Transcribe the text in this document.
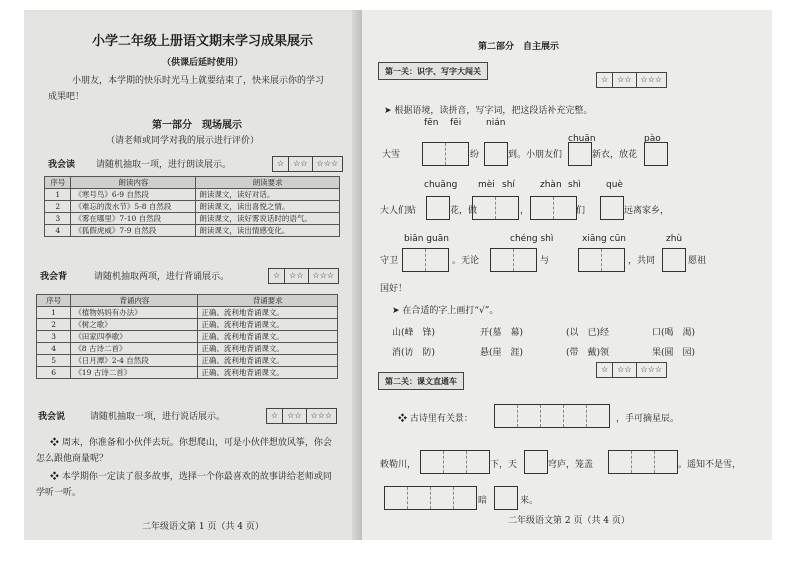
小学二年级上册语文期末学习成果展示
（供课后延时使用）
小朋友，本学期的快乐时光马上就要结束了，快来展示你的学习
成果吧！
第一部分　现场展示
（请老师或同学对我的展示进行评价）
我会读 请随机抽取一项，进行朗读展示。	☆	☆☆	☆☆☆
序号	朗读内容	朗读要求
1	《寒号鸟》6-9 自然段	朗读课文，读好对话。
2	《难忘的泼水节》5-8 自然段	朗读课文，读出喜悦之情。
3	《雾在哪里》7-10 自然段	朗读课文，读好雾说话时的语气。
4	《狐假虎威》7-9 自然段	朗读课文，读出情感变化。
我会背	请随机抽取两项，进行背诵展示。	☆	☆☆	☆☆☆
序号	背诵内容	背诵要求
1	《植物妈妈有办法》	正确、流利地背诵课文。
2	《树之歌》	正确、流利地背诵课文。
3	《田家四季歌》	正确、流利地背诵课文。
4	《8 古诗二首》	正确、流利地背诵课文。
5	《日月潭》2-4 自然段	正确、流利地背诵课文。
6	《19 古诗二首》	正确、流利地背诵课文。
我会说	请随机抽取一项，进行说话展示。	☆	☆☆	☆☆☆
❖ 周末，你准备和小伙伴去玩。你想爬山，可是小伙伴想放风筝，你会
怎么跟他商量呢？
❖ 本学期你一定读了很多故事，选择一个你最喜欢的故事讲给老师或同
学听一听。
二年级语文第 1 页（共 4 页）
第二部分　自主展示
第一关：识字、写字大闯关
☆	☆☆	☆☆☆
➤ 根据语境，读拼音，写字词，把这段话补充完整。
fēn fēi	nián
chuān	pào
大雪	纷	到。小朋友们	新衣，放花
chuāng mèi shí	zhàn shì	què
大人们贴	花，做	，	们	远离家乡，
biān guān	chéng shì	xiāng cūn	zhù
守卫	。无论	与	，共同	愿祖
国好！
➤ 在合适的字上画打“√”。
山(峰　锋)	开(墓　幕)	(以　已)经	口(喝　渴)
消(访　防)	悬(崖　涯)	(带　戴)领	果(圆　园)
第二关：课文直通车
☆	☆☆	☆☆☆
❖ 古诗里有关景：	，手可摘星辰。
敕勒川，	下，天	穹庐，笼盖	。遥知不是雪，
暗	来。
二年级语文第 2 页（共 4 页）
